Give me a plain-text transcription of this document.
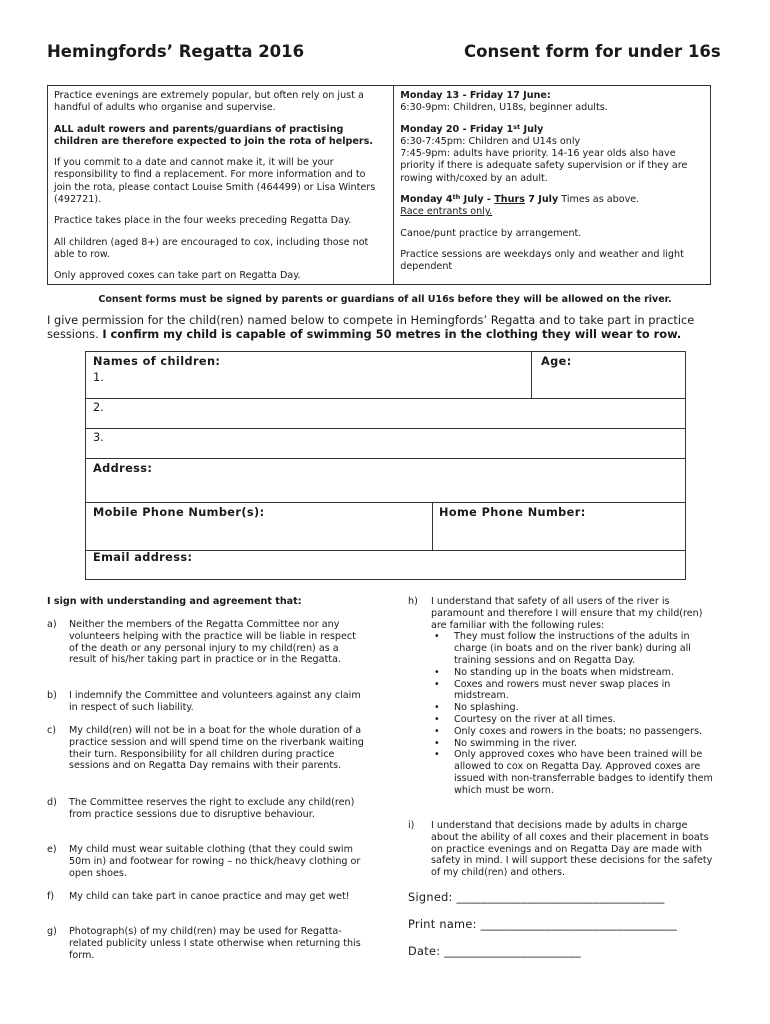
Hemingfords’ Regatta 2016	Consent form for under 16s

Practice evenings are extremely popular, but often rely on just a handful of adults who organise and supervise.

ALL adult rowers and parents/guardians of practising children are therefore expected to join the rota of helpers.

If you commit to a date and cannot make it, it will be your responsibility to find a replacement. For more information and to join the rota, please contact Louise Smith (464499) or Lisa Winters (492721).

Practice takes place in the four weeks preceding Regatta Day.

All children (aged 8+) are encouraged to cox, including those not able to row.

Only approved coxes can take part on Regatta Day.

Monday 13 - Friday 17 June:
6:30-9pm: Children, U18s, beginner adults.

Monday 20 - Friday 1st July
6:30-7:45pm: Children and U14s only
7:45-9pm: adults have priority. 14-16 year olds also have priority if there is adequate safety supervision or if they are rowing with/coxed by an adult.

Monday 4th July - Thurs 7 July Times as above.
Race entrants only.

Canoe/punt practice by arrangement.

Practice sessions are weekdays only and weather and light dependent

Consent forms must be signed by parents or guardians of all U16s before they will be allowed on the river.
I give permission for the child(ren) named below to compete in Hemingfords’ Regatta and to take part in practice sessions. I confirm my child is capable of swimming 50 metres in the clothing they will wear to row.
Names of children:	Age:
1.
2.
3.
Address:
Mobile Phone Number(s):	Home Phone Number:
Email address:
I sign with understanding and agreement that:
a) Neither the members of the Regatta Committee nor any volunteers helping with the practice will be liable in respect of the death or any personal injury to my child(ren) as a result of his/her taking part in practice or in the Regatta.
b) I indemnify the Committee and volunteers against any claim in respect of such liability.
c) My child(ren) will not be in a boat for the whole duration of a practice session and will spend time on the riverbank waiting their turn. Responsibility for all children during practice sessions and on Regatta Day remains with their parents.
d) The Committee reserves the right to exclude any child(ren) from practice sessions due to disruptive behaviour.
e) My child must wear suitable clothing (that they could swim 50m in) and footwear for rowing – no thick/heavy clothing or open shoes.
f) My child can take part in canoe practice and may get wet!
g) Photograph(s) of my child(ren) may be used for Regatta-related publicity unless I state otherwise when returning this form.
h) I understand that safety of all users of the river is paramount and therefore I will ensure that my child(ren) are familiar with the following rules:
• They must follow the instructions of the adults in charge (in boats and on the river bank) during all training sessions and on Regatta Day.
• No standing up in the boats when midstream.
• Coxes and rowers must never swap places in midstream.
• No splashing.
• Courtesy on the river at all times.
• Only coxes and rowers in the boats; no passengers.
• No swimming in the river.
• Only approved coxes who have been trained will be allowed to cox on Regatta Day. Approved coxes are issued with non-transferrable badges to identify them which must be worn.
i) I understand that decisions made by adults in charge about the ability of all coxes and their placement in boats on practice evenings and on Regatta Day are made with safety in mind. I will support these decisions for the safety of my child(ren) and others.
Signed: ___________________________________
Print name: _________________________________
Date: _______________________
